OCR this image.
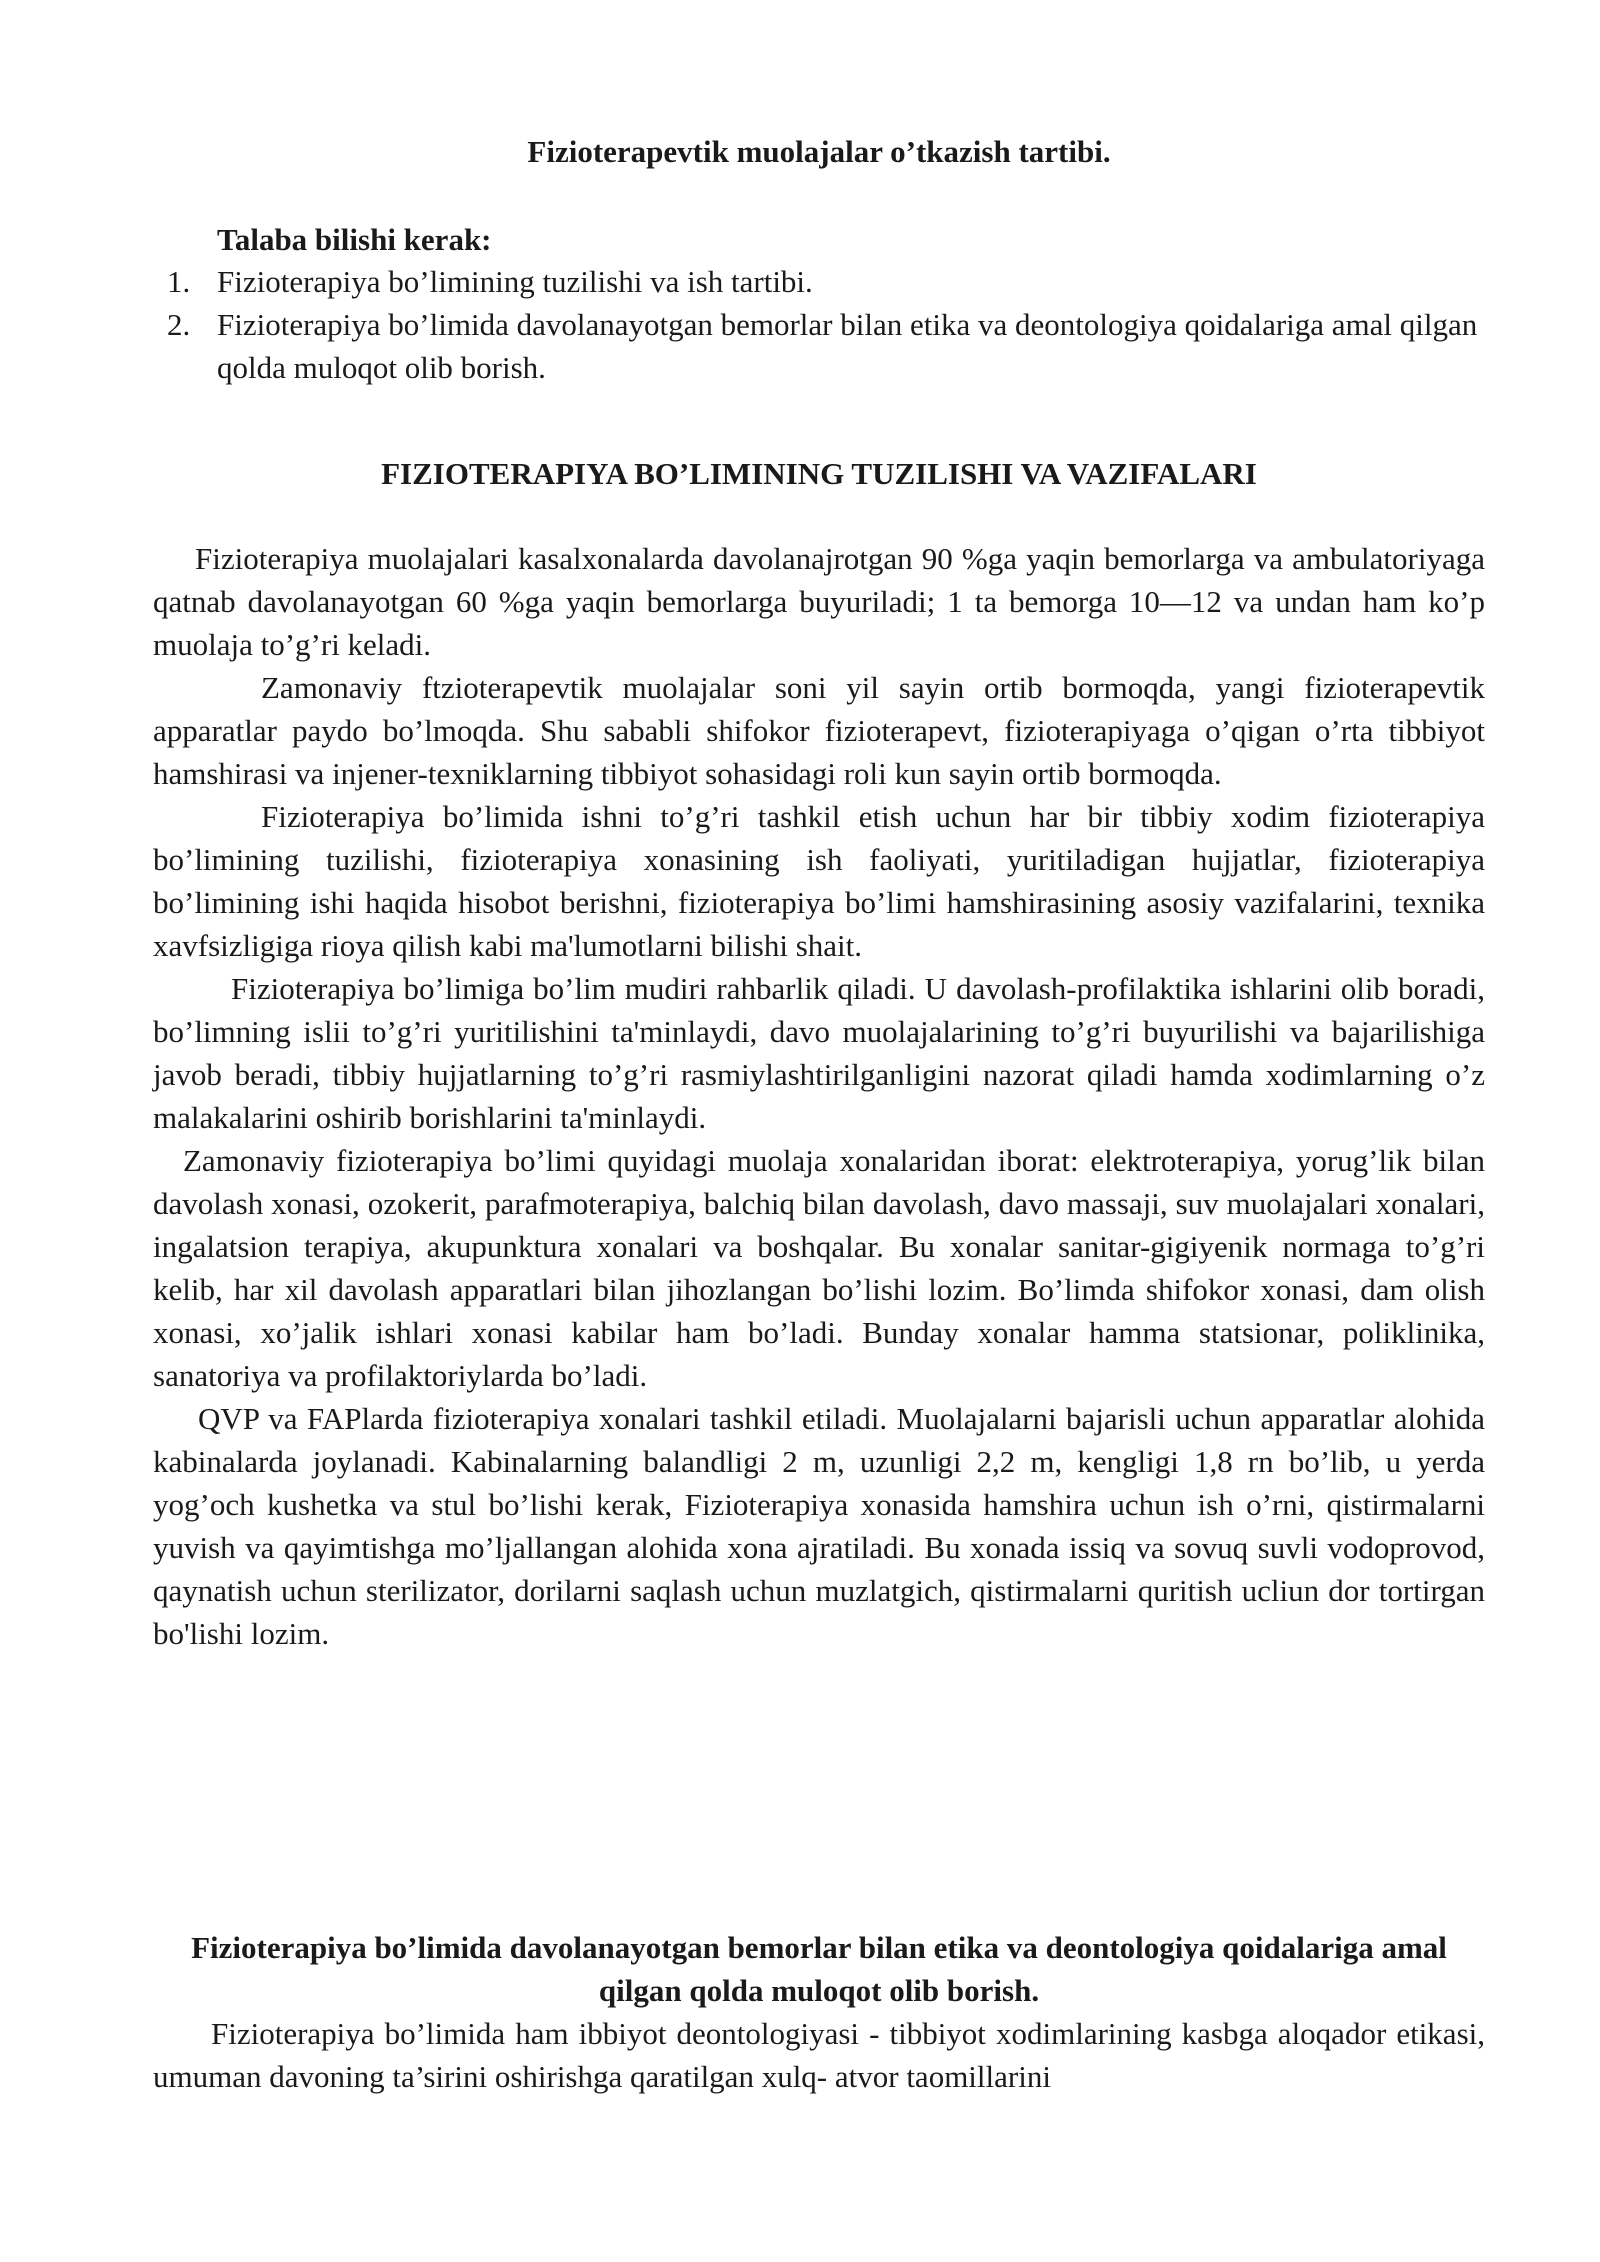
Fizioterapevtik muolajalar o’tkazish tartibi.
Talaba bilishi kerak:
1. Fizioterapiya bo’limining tuzilishi va ish tartibi.
2. Fizioterapiya bo’limida davolanayotgan bemorlar bilan etika va deontologiya qoidalariga amal qilgan qolda muloqot olib borish.
FIZIOTERAPIYA BO’LIMINING TUZILISHI VA VAZIFALARI

Fizioterapiya muolajalari kasalxonalarda davolanajrotgan 90 %ga yaqin bemorlarga va ambulatoriyaga qatnab davolanayotgan 60 %ga yaqin bemorlarga buyuriladi; 1 ta bemorga 10—12 va undan ham ko’p muolaja to’g’ri keladi.

Zamonaviy ftzioterapevtik muolajalar soni yil sayin ortib bormoqda, yangi fizioterapevtik apparatlar paydo bo’lmoqda. Shu sababli shifokor fizioterapevt, fizioterapiyaga o’qigan o’rta tibbiyot hamshirasi va injener-texniklarning tibbiyot sohasidagi roli kun sayin ortib bormoqda.

Fizioterapiya bo’limida ishni to’g’ri tashkil etish uchun har bir tibbiy xodim fizioterapiya bo’limining tuzilishi, fizioterapiya xonasining ish faoliyati, yuritiladigan hujjatlar, fizioterapiya bo’limining ishi haqida hisobot berishni, fizioterapiya bo’limi hamshirasining asosiy vazifalarini, texnika xavfsizligiga rioya qilish kabi ma'lumotlarni bilishi shait.

Fizioterapiya bo’limiga bo’lim mudiri rahbarlik qiladi. U davolash-profilaktika ishlarini olib boradi, bo’limning islii to’g’ri yuritilishini ta'minlaydi, davo muolajalarining to’g’ri buyurilishi va bajarilishiga javob beradi, tibbiy hujjatlarning to’g’ri rasmiylashtirilganligini nazorat qiladi hamda xodimlarning o’z malakalarini oshirib borishlarini ta'minlaydi.

Zamonaviy fizioterapiya bo’limi quyidagi muolaja xonalaridan iborat: elektroterapiya, yorug’lik bilan davolash xonasi, ozokerit, parafmoterapiya, balchiq bilan davolash, davo massaji, suv muolajalari xonalari, ingalatsion terapiya, akupunktura xonalari va boshqalar. Bu xonalar sanitar-gigiyenik normaga to’g’ri kelib, har xil davolash apparatlari bilan jihozlangan bo’lishi lozim. Bo’limda shifokor xonasi, dam olish xonasi, xo’jalik ishlari xonasi kabilar ham bo’ladi. Bunday xonalar hamma statsionar, poliklinika, sanatoriya va profilaktoriylarda bo’ladi.

QVP va FAPlarda fizioterapiya xonalari tashkil etiladi. Muolajalarni bajarisli uchun apparatlar alohida kabinalarda joylanadi. Kabinalarning balandligi 2 m, uzunligi 2,2 m, kengligi 1,8 rn bo’lib, u yerda yog’och kushetka va stul bo’lishi kerak, Fizioterapiya xonasida hamshira uchun ish o’rni, qistirmalarni yuvish va qayimtishga mo’ljallangan alohida xona ajratiladi. Bu xonada issiq va sovuq suvli vodoprovod, qaynatish uchun sterilizator, dorilarni saqlash uchun muzlatgich, qistirmalarni quritish ucliun dor tortirgan bo'lishi lozim.

Fizioterapiya bo’limida davolanayotgan bemorlar bilan etika va deontologiya qoidalariga amal qilgan qolda muloqot olib borish.

Fizioterapiya bo’limida ham ibbiyot deontologiyasi - tibbiyot xodimlarining kasbga aloqador etikasi, umuman davoning ta’sirini oshirishga qaratilgan xulq- atvor taomillarini
